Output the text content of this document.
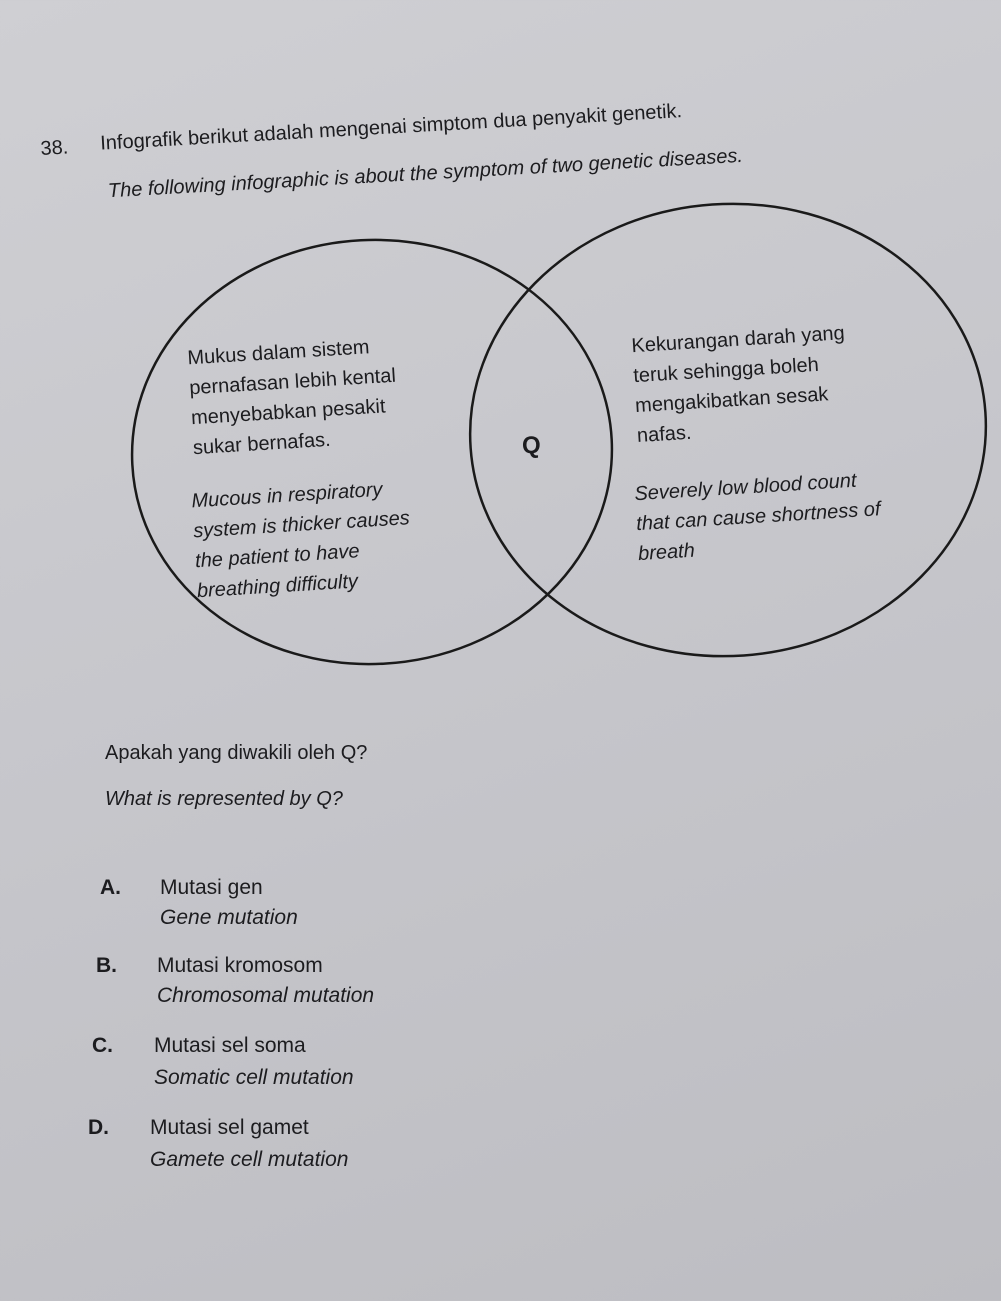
38. Infografik berikut adalah mengenai simptom dua penyakit genetik.
The following infographic is about the symptom of two genetic diseases.
Mukus dalam sistem
pernafasan lebih kental
menyebabkan pesakit
sukar bernafas.
Mucous in respiratory
system is thicker causes
the patient to have
breathing difficulty
Q
Kekurangan darah yang
teruk sehingga boleh
mengakibatkan sesak
nafas.
Severely low blood count
that can cause shortness of
breath
Apakah yang diwakili oleh Q?
What is represented by Q?
A. Mutasi gen
Gene mutation
B. Mutasi kromosom
Chromosomal mutation
C. Mutasi sel soma
Somatic cell mutation
D. Mutasi sel gamet
Gamete cell mutation
